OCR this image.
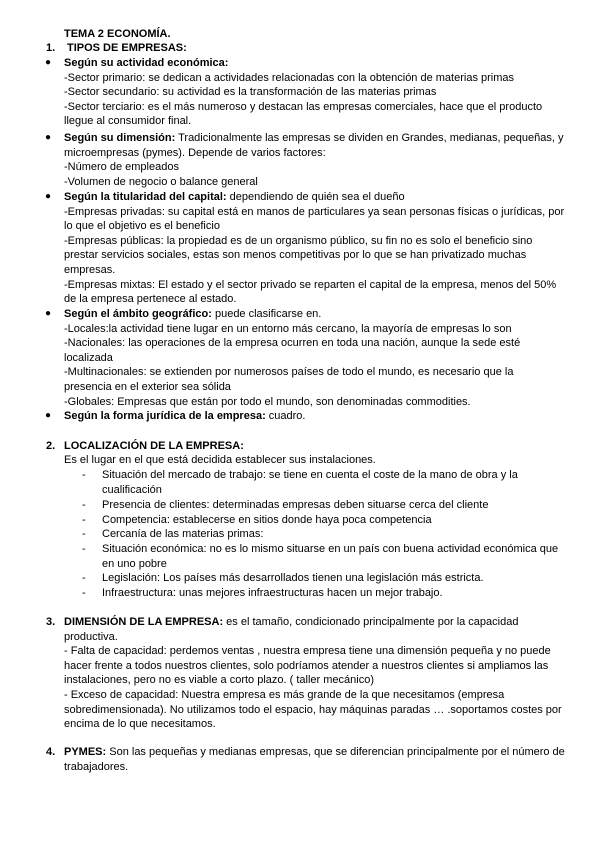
TEMA 2 ECONOMÍA.
1. TIPOS DE EMPRESAS:
● Según su actividad económica:
-Sector primario: se dedican a actividades relacionadas con la obtención de materias primas
-Sector secundario: su actividad es la transformación de las materias primas
-Sector terciario: es el más numeroso y destacan las empresas comerciales, hace que el producto
llegue al consumidor final.
● Según su dimensión: Tradicionalmente las empresas se dividen en Grandes, medianas, pequeñas, y
microempresas (pymes). Depende de varios factores:
-Número de empleados
-Volumen de negocio o balance general
● Según la titularidad del capital: dependiendo de quién sea el dueño
-Empresas privadas: su capital está en manos de particulares ya sean personas físicas o jurídicas, por
lo que el objetivo es el beneficio
-Empresas públicas: la propiedad es de un organismo público, su fin no es solo el beneficio sino
prestar servicios sociales, estas son menos competitivas por lo que se han privatizado muchas
empresas.
-Empresas mixtas: El estado y el sector privado se reparten el capital de la empresa, menos del 50%
de la empresa pertenece al estado.
● Según el ámbito geográfico: puede clasificarse en.
-Locales:la actividad tiene lugar en un entorno más cercano, la mayoría de empresas lo son
-Nacionales: las operaciones de la empresa ocurren en toda una nación, aunque la sede esté
localizada
-Multinacionales: se extienden por numerosos países de todo el mundo, es necesario que la
presencia en el exterior sea sólida
-Globales: Empresas que están por todo el mundo, son denominadas commodities.
● Según la forma jurídica de la empresa: cuadro.
2. LOCALIZACIÓN DE LA EMPRESA:
Es el lugar en el que está decidida establecer sus instalaciones.
- Situación del mercado de trabajo: se tiene en cuenta el coste de la mano de obra y la
cualificación
- Presencia de clientes: determinadas empresas deben situarse cerca del cliente
- Competencia: establecerse en sitios donde haya poca competencia
- Cercanía de las materias primas:
- Situación económica: no es lo mismo situarse en un país con buena actividad económica que
en uno pobre
- Legislación: Los países más desarrollados tienen una legislación más estricta.
- Infraestructura: unas mejores infraestructuras hacen un mejor trabajo.
3. DIMENSIÓN DE LA EMPRESA: es el tamaño, condicionado principalmente por la capacidad
productiva.
- Falta de capacidad: perdemos ventas , nuestra empresa tiene una dimensión pequeña y no puede
hacer frente a todos nuestros clientes, solo podríamos atender a nuestros clientes si ampliamos las
instalaciones, pero no es viable a corto plazo. ( taller mecánico)
- Exceso de capacidad: Nuestra empresa es más grande de la que necesitamos (empresa
sobredimensionada). No utilizamos todo el espacio, hay máquinas paradas … .soportamos costes por
encima de lo que necesitamos.
4. PYMES: Son las pequeñas y medianas empresas, que se diferencian principalmente por el número de
trabajadores.
